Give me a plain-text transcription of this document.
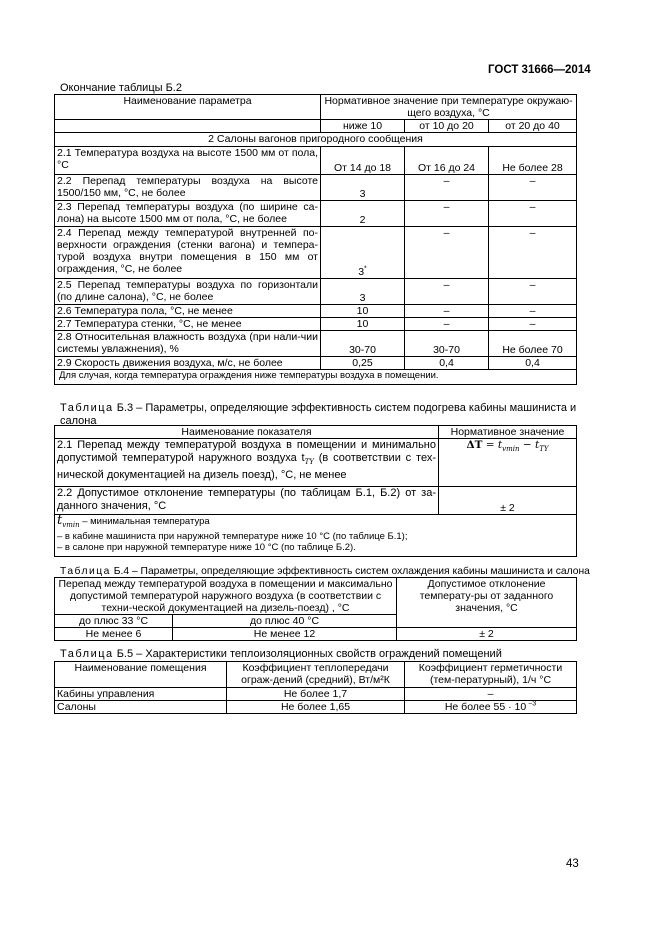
ГОСТ 31666—2014
Окончание таблицы Б.2
Наименование параметра	Нормативное значение при температуре окружаю-щего воздуха, °С		
	ниже 10	от 10 до 20	от 20 до 40
2 Салоны вагонов пригородного сообщения			
2.1 Температура воздуха на высоте 1500 мм от пола, °С	От 14 до 18	От 16 до 24	Не более 28
2.2 Перепад температуры воздуха на высоте 1500/150 мм, °С, не более	3	–	–
2.3 Перепад температуры воздуха (по ширине са-лона) на высоте 1500 мм от пола, °С, не более	2	–	–
2.4 Перепад между температурой внутренней по-верхности ограждения (стенки вагона) и темпера-турой воздуха внутри помещения в 150 мм от ограждения, °С, не более	3*	–	–
2.5 Перепад температуры воздуха по горизонтали (по длине салона), °С, не более	3	–	–
2.6 Температура пола, °С, не менее	10	–	–
2.7 Температура стенки, °С, не менее	10	–	–
2.8 Относительная влажность воздуха (при нали-чии системы увлажнения), %	30-70	30-70	Не более 70
2.9 Скорость движения воздуха, м/с, не более	0,25	0,4	0,4
Для случая, когда температура ограждения ниже температуры воздуха в помещении.			
Таблица Б.3 – Параметры, определяющие эффективность систем подогрева кабины машиниста и салона
Наименование показателя	Нормативное значение
2.1 Перепад между температурой воздуха в помещении и минимально допустимой температурой наружного воздуха $t_{TY}$ (в соответствии с тех-нической документацией на дизель поезд), °С, не менее	$\Delta T = t_{vmin} - t_{TY}$
2.2 Допустимое отклонение температуры (по таблицам Б.1, Б.2) от за-данного значения, °С	± 2

$t_{vmin}$ – минимальная температура
– в кабине машиниста при наружной температуре ниже 10 °С (по таблице Б.1);
– в салоне при наружной температуре ниже 10 °С (по таблице Б.2).	
Таблица Б.4 – Параметры, определяющие эффективность систем охлаждения кабины машиниста и салона
Перепад между температурой воздуха в помещении и максимально допустимой температурой наружного воздуха (в соответствии с техни-ческой документацией на дизель-поезд) , °С		Допустимое отклонение температу-ры от заданного значения, °С
до плюс 33 °С	до плюс 40 °С	
Не менее 6	Не менее 12	± 2
Таблица Б.5 – Характеристики теплоизоляционных свойств ограждений помещений
Наименование помещения	Коэффициент теплопередачи ограж-дений (средний), Вт/м²К	Коэффициент герметичности (тем-пературный), 1/ч °С
Кабины управления	Не более 1,7	–
Салоны	Не более 1,65	Не более 55 · 10 $^{-3}$
43
